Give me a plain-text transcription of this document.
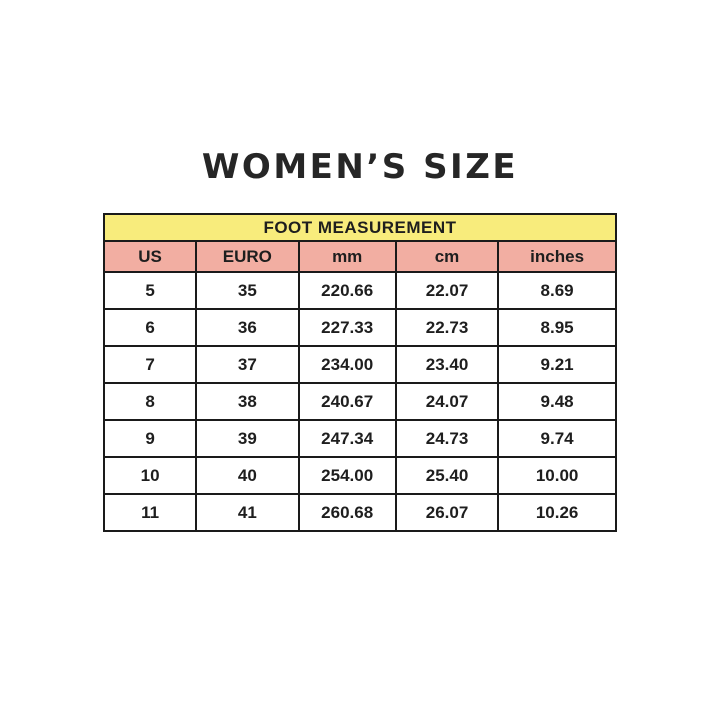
WOMEN’S SIZE
FOOT MEASUREMENT				
US	EURO	mm	cm	inches
5	35	220.66	22.07	8.69
6	36	227.33	22.73	8.95
7	37	234.00	23.40	9.21
8	38	240.67	24.07	9.48
9	39	247.34	24.73	9.74
10	40	254.00	25.40	10.00
11	41	260.68	26.07	10.26
